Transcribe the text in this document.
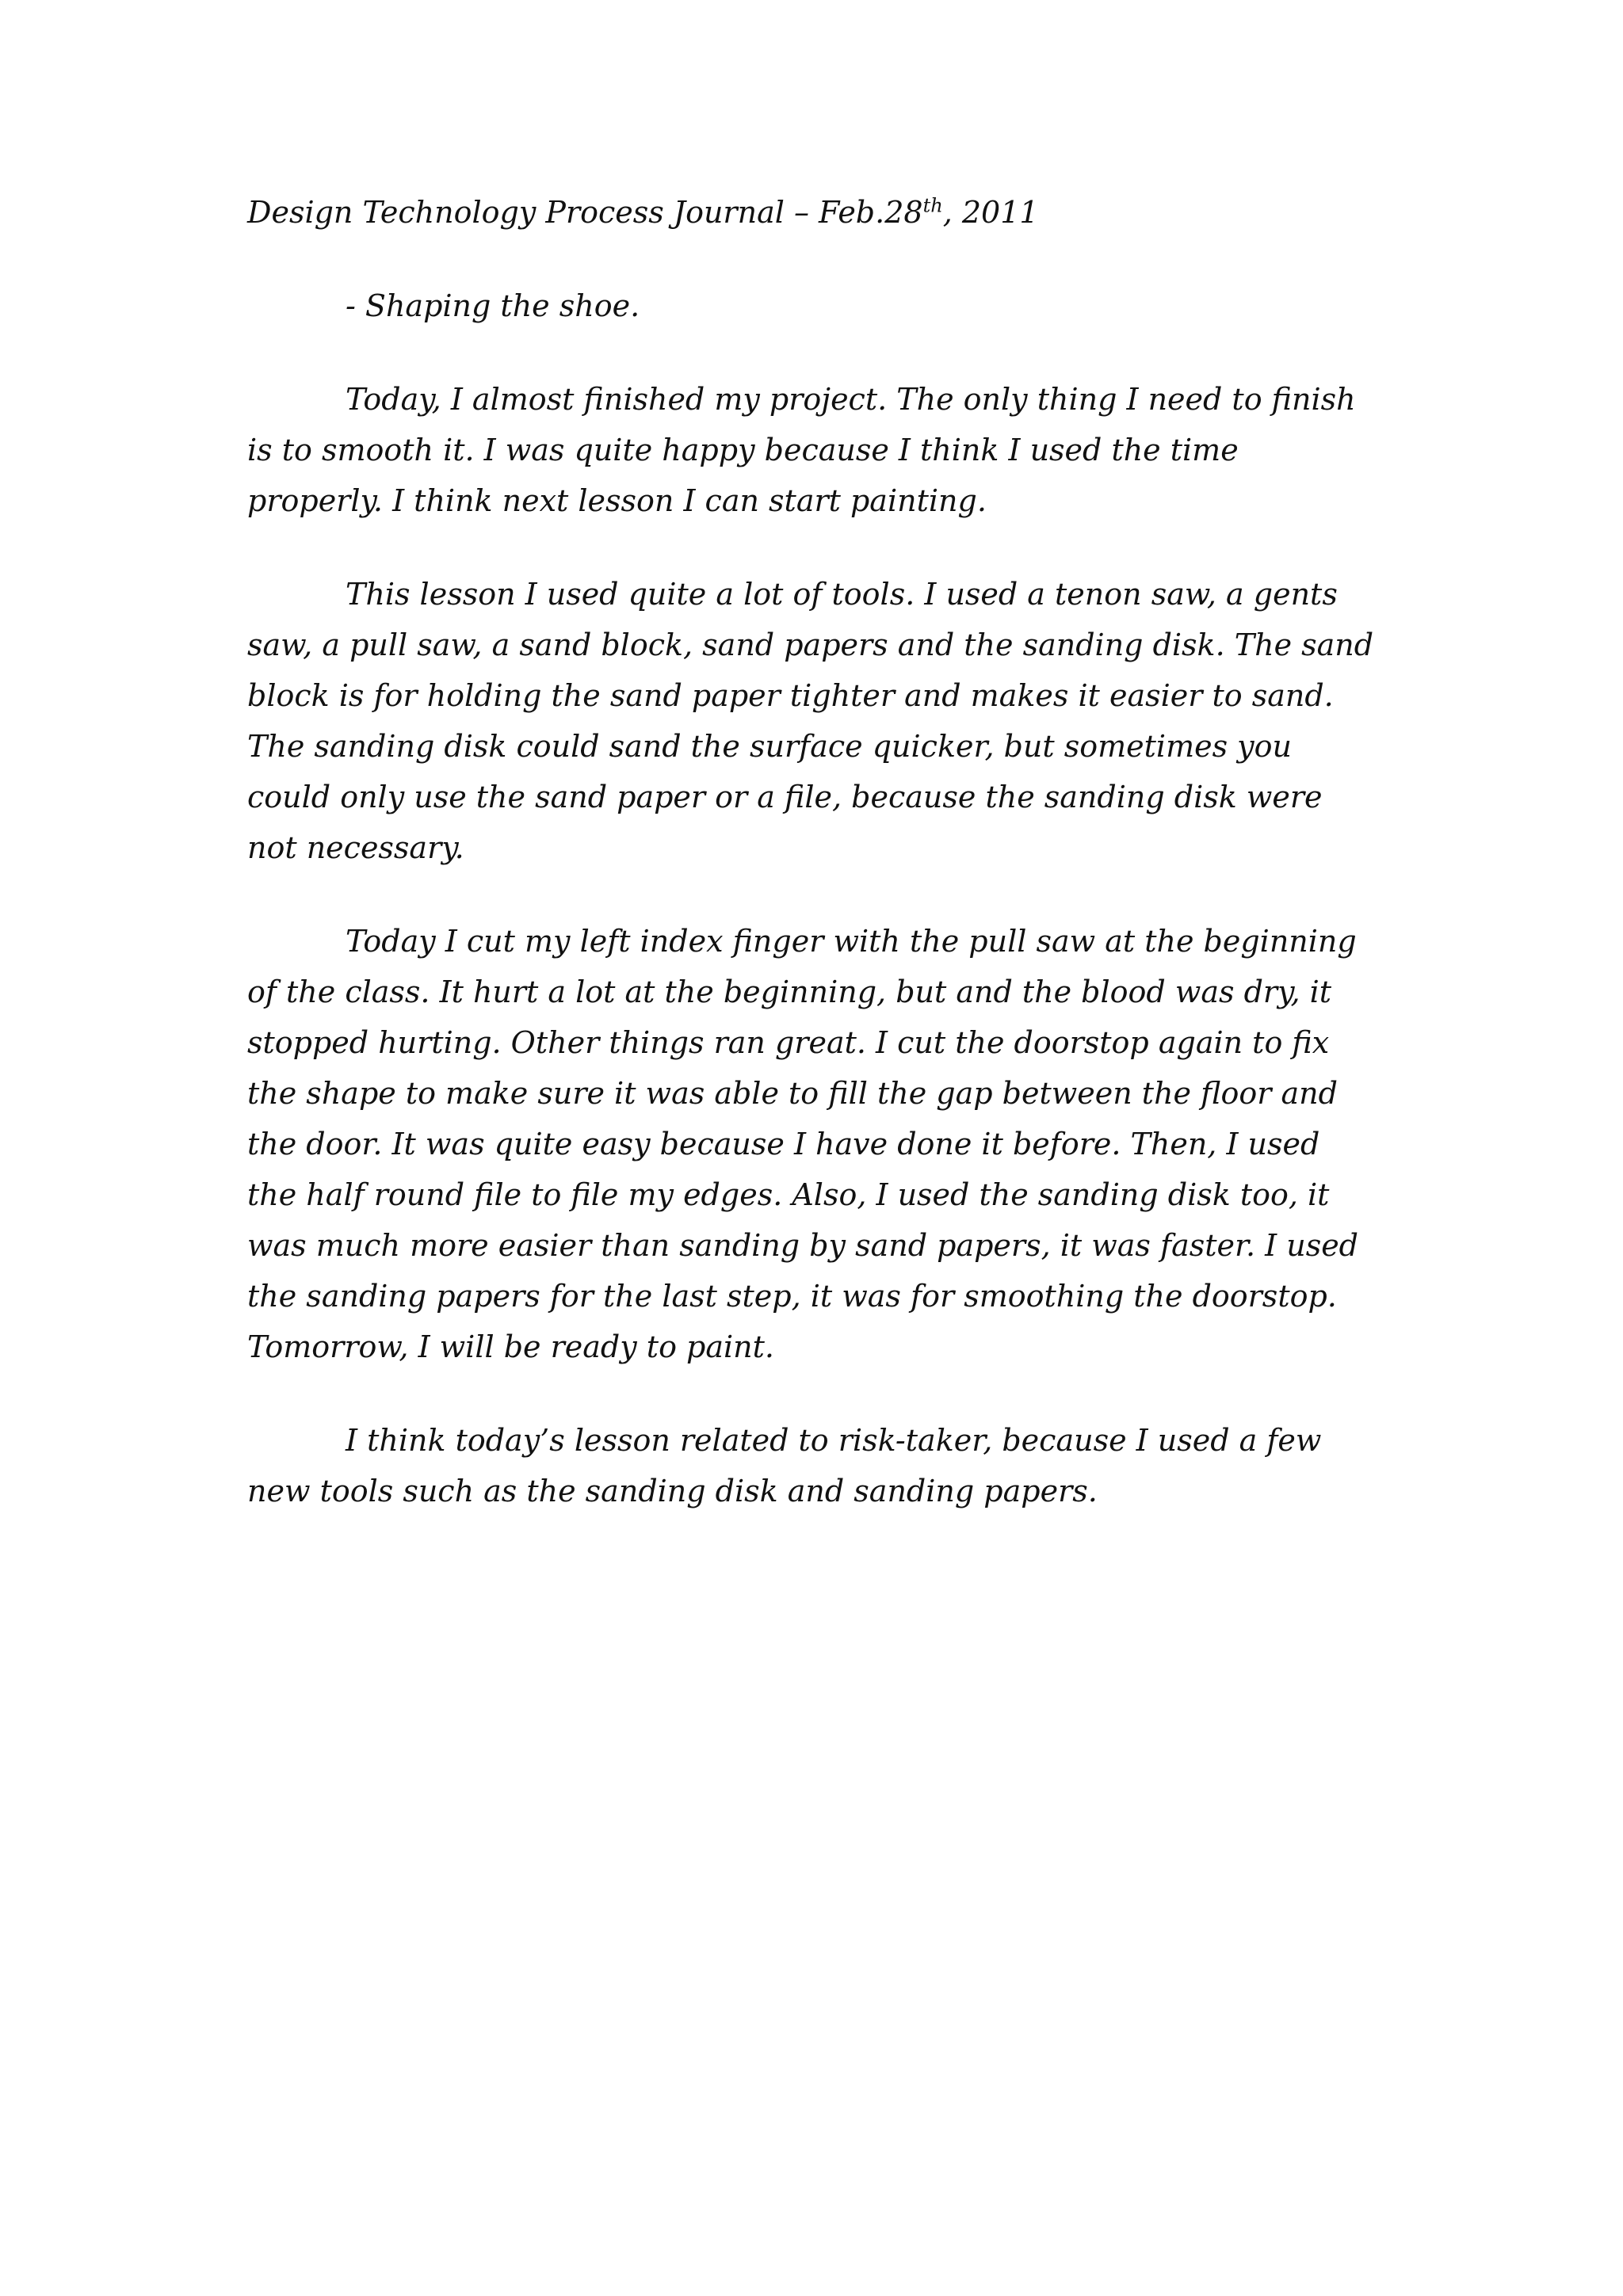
Design Technology Process Journal – Feb.28th, 2011

- Shaping the shoe.

Today, I almost finished my project. The only thing I need to finish is to smooth it. I was quite happy because I think I used the time properly. I think next lesson I can start painting.

This lesson I used quite a lot of tools. I used a tenon saw, a gents saw, a pull saw, a sand block, sand papers and the sanding disk. The sand block is for holding the sand paper tighter and makes it easier to sand. The sanding disk could sand the surface quicker, but sometimes you could only use the sand paper or a file, because the sanding disk were not necessary.

Today I cut my left index finger with the pull saw at the beginning of the class. It hurt a lot at the beginning, but and the blood was dry, it stopped hurting. Other things ran great. I cut the doorstop again to fix the shape to make sure it was able to fill the gap between the floor and the door. It was quite easy because I have done it before. Then, I used the half round file to file my edges. Also, I used the sanding disk too, it was much more easier than sanding by sand papers, it was faster. I used the sanding papers for the last step, it was for smoothing the doorstop. Tomorrow, I will be ready to paint.

I think today’s lesson related to risk-taker, because I used a few new tools such as the sanding disk and sanding papers.
